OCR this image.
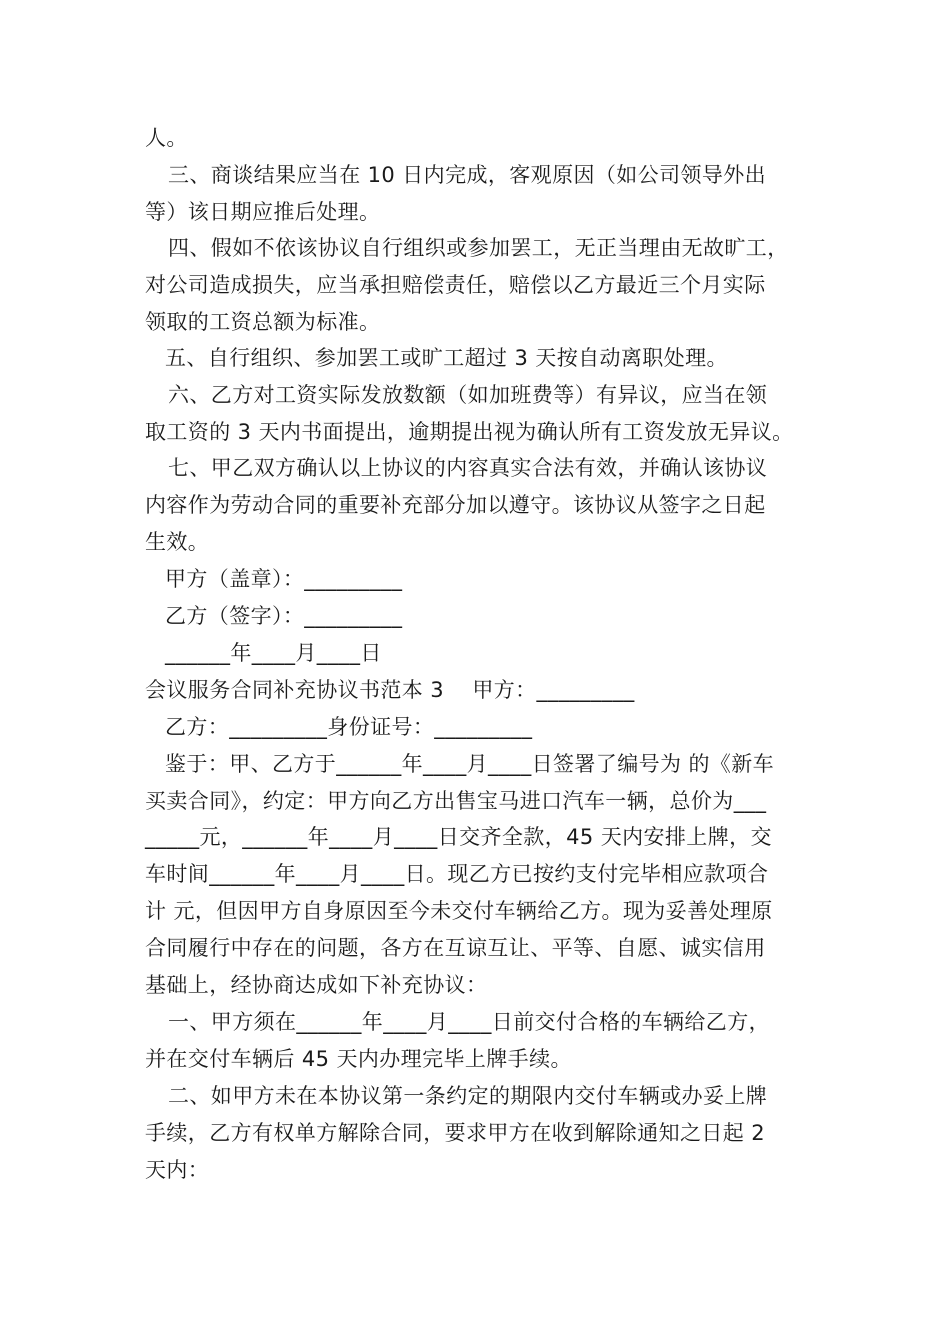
人。
三、商谈结果应当在 10 日内完成，客观原因（如公司领导外出
等）该日期应推后处理。
四、假如不依该协议自行组织或参加罢工，无正当理由无故旷工，
对公司造成损失，应当承担赔偿责任，赔偿以乙方最近三个月实际
领取的工资总额为标准。
五、自行组织、参加罢工或旷工超过 3 天按自动离职处理。
六、乙方对工资实际发放数额（如加班费等）有异议，应当在领
取工资的 3 天内书面提出，逾期提出视为确认所有工资发放无异议。
七、甲乙双方确认以上协议的内容真实合法有效，并确认该协议
内容作为劳动合同的重要补充部分加以遵守。该协议从签字之日起
生效。
甲方（盖章）：_________
乙方（签字）：_________
______年____月____日
会议服务合同补充协议书范本 3    甲方：_________
乙方：_________身份证号：_________
鉴于：甲、乙方于______年____月____日签署了编号为 的《新车
买卖合同》，约定：甲方向乙方出售宝马进口汽车一辆，总价为___
_____元，______年____月____日交齐全款，45 天内安排上牌，交
车时间______年____月____日。现乙方已按约支付完毕相应款项合
计 元，但因甲方自身原因至今未交付车辆给乙方。现为妥善处理原
合同履行中存在的问题，各方在互谅互让、平等、自愿、诚实信用
基础上，经协商达成如下补充协议：
一、甲方须在______年____月____日前交付合格的车辆给乙方，
并在交付车辆后 45 天内办理完毕上牌手续。
二、如甲方未在本协议第一条约定的期限内交付车辆或办妥上牌
手续，乙方有权单方解除合同，要求甲方在收到解除通知之日起 2
天内：
